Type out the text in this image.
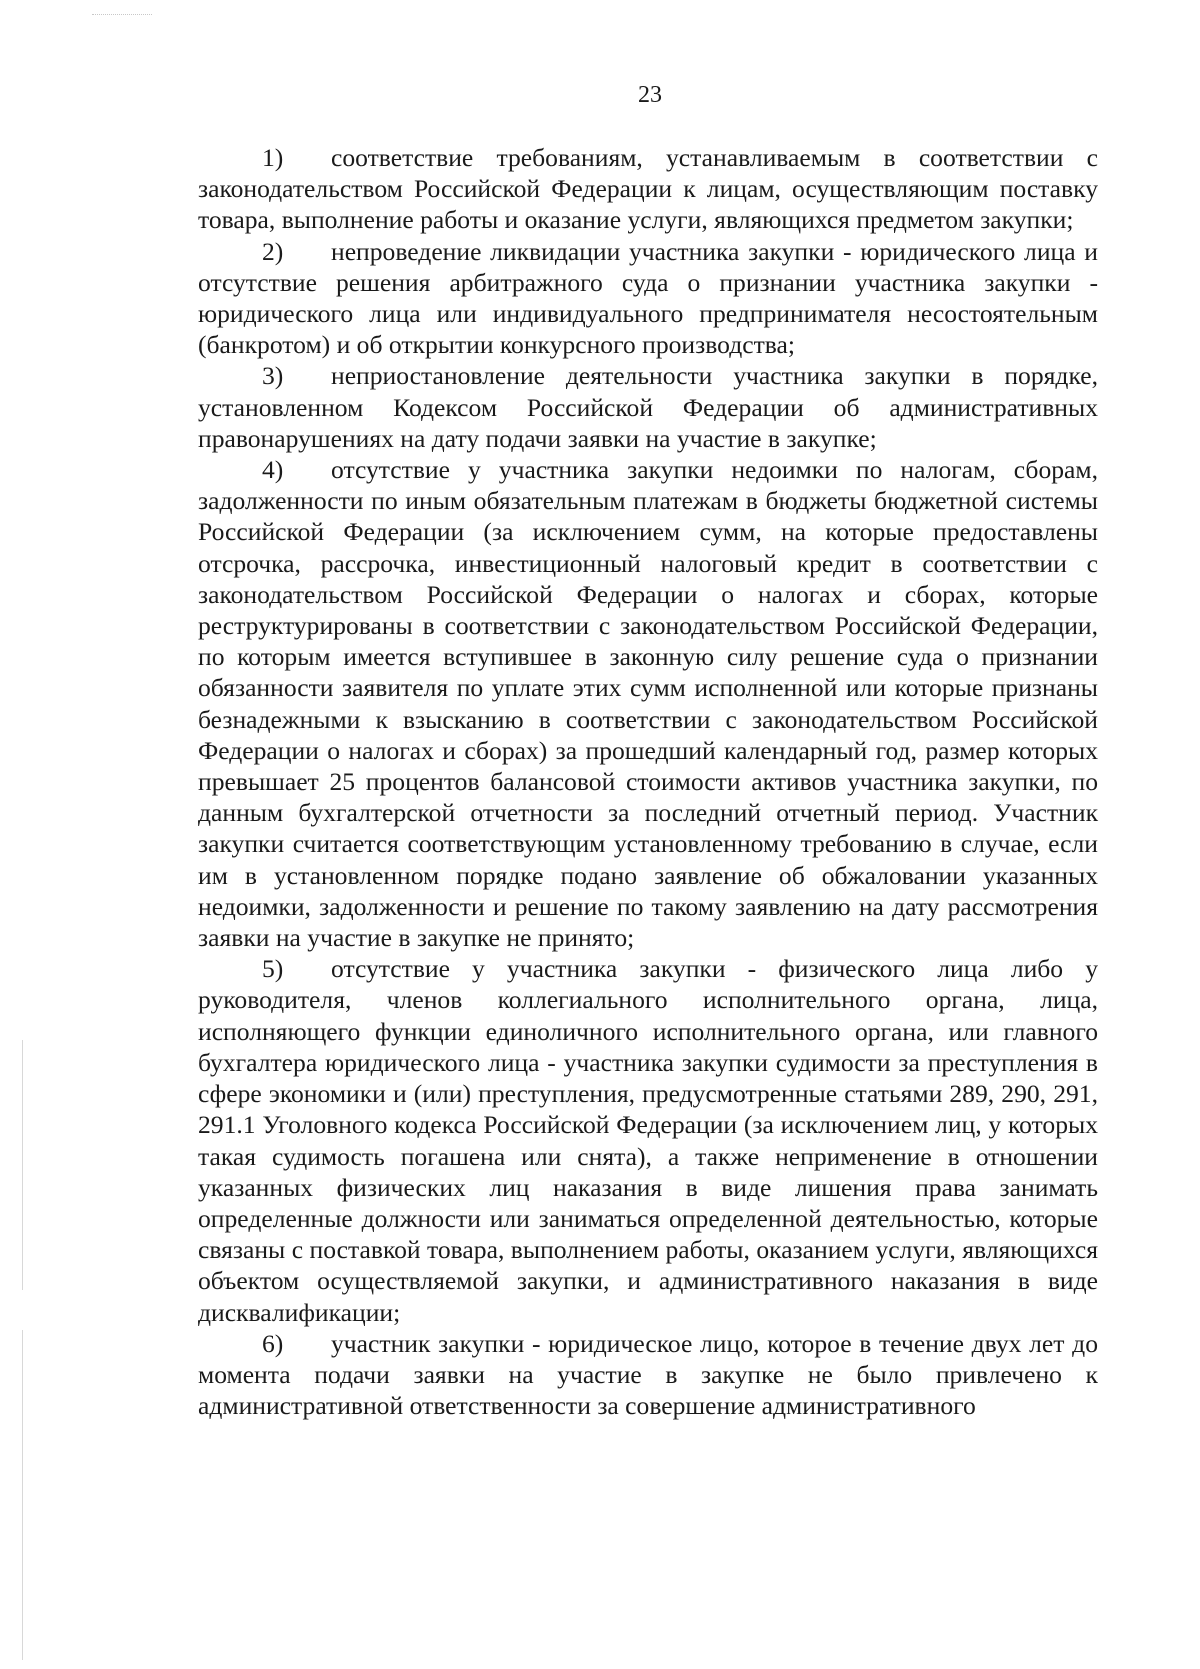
23

1) соответствие требованиям, устанавливаемым в соответствии с законодательством Российской Федерации к лицам, осуществляющим поставку товара, выполнение работы и оказание услуги, являющихся предметом закупки;

2) непроведение ликвидации участника закупки - юридического лица и отсутствие решения арбитражного суда о признании участника закупки - юридического лица или индивидуального предпринимателя несостоятельным (банкротом) и об открытии конкурсного производства;

3) неприостановление деятельности участника закупки в порядке, установленном Кодексом Российской Федерации об административных правонарушениях на дату подачи заявки на участие в закупке;

4) отсутствие у участника закупки недоимки по налогам, сборам, задолженности по иным обязательным платежам в бюджеты бюджетной системы Российской Федерации (за исключением сумм, на которые предоставлены отсрочка, рассрочка, инвестиционный налоговый кредит в соответствии с законодательством Российской Федерации о налогах и сборах, которые реструктурированы в соответствии с законодательством Российской Федерации, по которым имеется вступившее в законную силу решение суда о признании обязанности заявителя по уплате этих сумм исполненной или которые признаны безнадежными к взысканию в соответствии с законодательством Российской Федерации о налогах и сборах) за прошедший календарный год, размер которых превышает 25 процентов балансовой стоимости активов участника закупки, по данным бухгалтерской отчетности за последний отчетный период. Участник закупки считается соответствующим установленному требованию в случае, если им в установленном порядке подано заявление об обжаловании указанных недоимки, задолженности и решение по такому заявлению на дату рассмотрения заявки на участие в закупке не принято;

5) отсутствие у участника закупки - физического лица либо у руководителя, членов коллегиального исполнительного органа, лица, исполняющего функции единоличного исполнительного органа, или главного бухгалтера юридического лица - участника закупки судимости за преступления в сфере экономики и (или) преступления, предусмотренные статьями 289, 290, 291, 291.1 Уголовного кодекса Российской Федерации (за исключением лиц, у которых такая судимость погашена или снята), а также неприменение в отношении указанных физических лиц наказания в виде лишения права занимать определенные должности или заниматься определенной деятельностью, которые связаны с поставкой товара, выполнением работы, оказанием услуги, являющихся объектом осуществляемой закупки, и административного наказания в виде дисквалификации;

6) участник закупки - юридическое лицо, которое в течение двух лет до момента подачи заявки на участие в закупке не было привлечено к административной ответственности за совершение административного
